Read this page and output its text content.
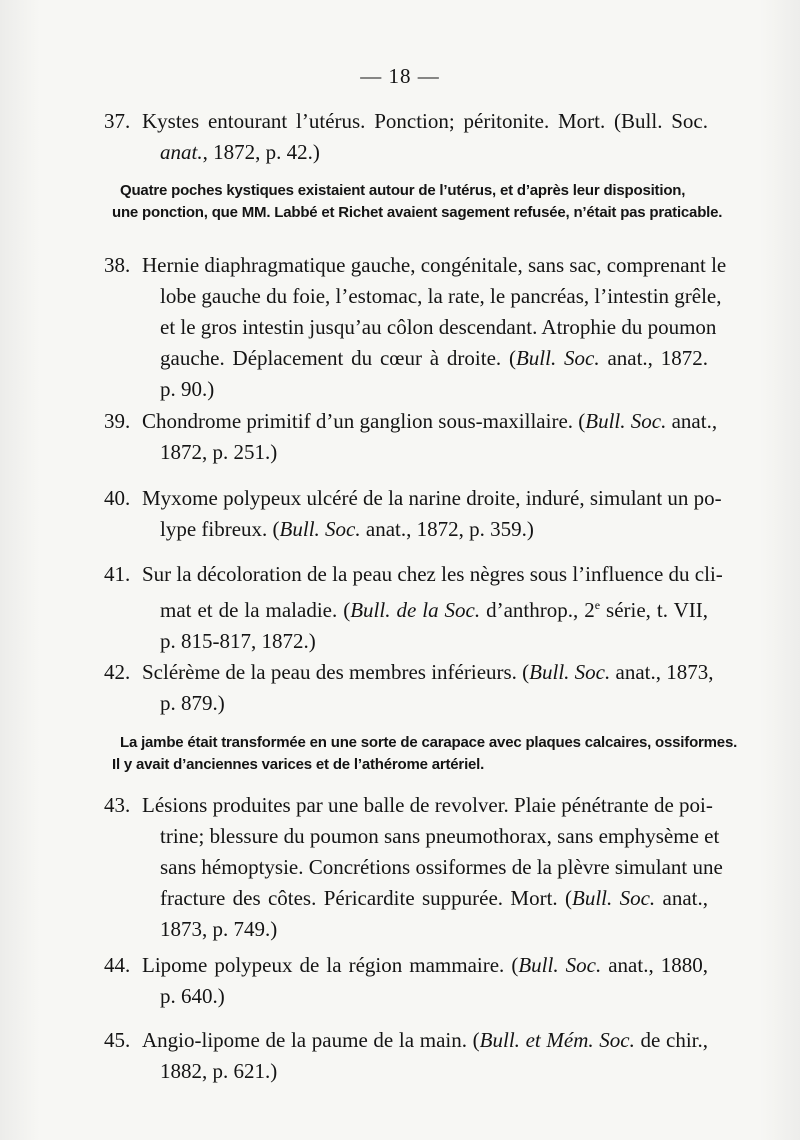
— 18 —
37. Kystes entourant l’utérus. Ponction; péritonite. Mort. (Bull. Soc.
anat., 1872, p. 42.)
Quatre poches kystiques existaient autour de l’utérus, et d’après leur disposition,
une ponction, que MM. Labbé et Richet avaient sagement refusée, n’était pas praticable.
38. Hernie diaphragmatique gauche, congénitale, sans sac, comprenant le
lobe gauche du foie, l’estomac, la rate, le pancréas, l’intestin grêle,
et le gros intestin jusqu’au côlon descendant. Atrophie du poumon
gauche. Déplacement du cœur à droite. (Bull. Soc. anat., 1872.
p. 90.)
39. Chondrome primitif d’un ganglion sous-maxillaire. (Bull. Soc. anat.,
1872, p. 251.)
40. Myxome polypeux ulcéré de la narine droite, induré, simulant un po-
lype fibreux. (Bull. Soc. anat., 1872, p. 359.)
41. Sur la décoloration de la peau chez les nègres sous l’influence du cli-
mat et de la maladie. (Bull. de la Soc. d’anthrop., 2e série, t. VII,
p. 815-817, 1872.)
42. Sclérème de la peau des membres inférieurs. (Bull. Soc. anat., 1873,
p. 879.)
La jambe était transformée en une sorte de carapace avec plaques calcaires, ossiformes.
Il y avait d’anciennes varices et de l’athérome artériel.
43. Lésions produites par une balle de revolver. Plaie pénétrante de poi-
trine; blessure du poumon sans pneumothorax, sans emphysème et
sans hémoptysie. Concrétions ossiformes de la plèvre simulant une
fracture des côtes. Péricardite suppurée. Mort. (Bull. Soc. anat.,
1873, p. 749.)
44. Lipome polypeux de la région mammaire. (Bull. Soc. anat., 1880,
p. 640.)
45. Angio-lipome de la paume de la main. (Bull. et Mém. Soc. de chir.,
1882, p. 621.)
